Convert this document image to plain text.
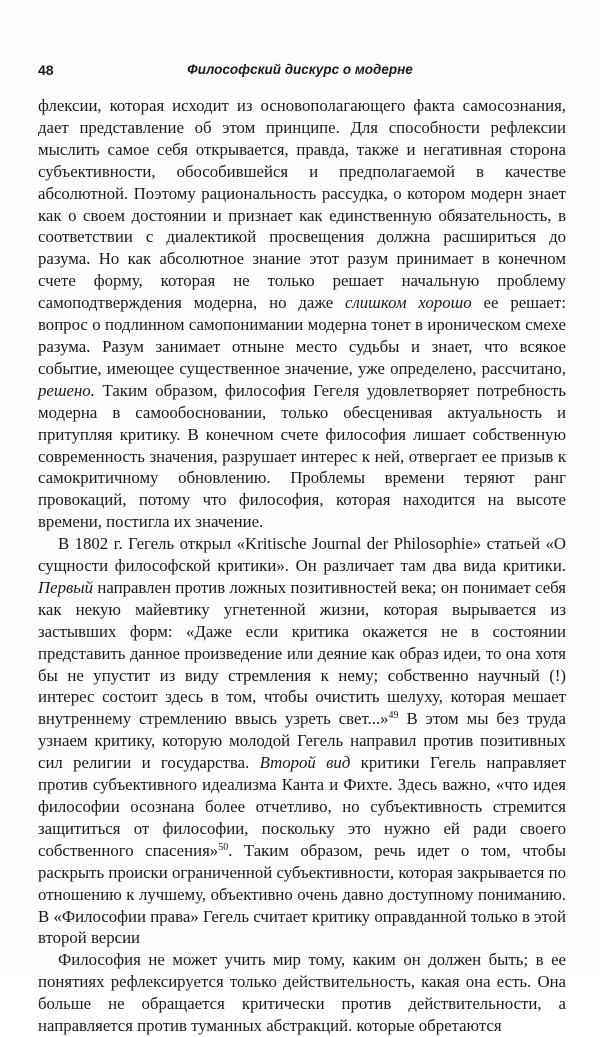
48	Философский дискурс о модерне

флексии, которая исходит из основополагающего факта самосознания, дает представление об этом принципе. Для способности рефлексии мыслить самое себя открывается, правда, также и негативная сторона субъективности, обособившейся и предполагаемой в качестве абсолютной. Поэтому рациональность рассудка, о котором модерн знает как о своем достоянии и признает как единственную обязательность, в соответствии с диалектикой просвещения должна расшириться до разума. Но как абсолютное знание этот разум принимает в конечном счете форму, которая не только решает начальную проблему самоподтверждения модерна, но даже слишком хорошо ее решает: вопрос о подлинном самопонимании модерна тонет в ироническом смехе разума. Разум занимает отныне место судьбы и знает, что всякое событие, имеющее существенное значение, уже определено, рассчитано, решено. Таким образом, философия Гегеля удовлетворяет потребность модерна в самообосновании, только обесценивая актуальность и притупляя критику. В конечном счете философия лишает собственную современность значения, разрушает интерес к ней, отвергает ее призыв к самокритичному обновлению. Проблемы времени теряют ранг провокаций, потому что философия, которая находится на высоте времени, постигла их значение.

В 1802 г. Гегель открыл «Kritische Journal der Philosophie» статьей «О сущности философской критики». Он различает там два вида критики. Первый направлен против ложных позитивностей века; он понимает себя как некую майевтику угнетенной жизни, которая вырывается из застывших форм: «Даже если критика окажется не в состоянии представить данное произведение или деяние как образ идеи, то она хотя бы не упустит из виду стремления к нему; собственно научный (!) интерес состоит здесь в том, чтобы очистить шелуху, которая мешает внутреннему стремлению ввысь узреть свет...»$^{49}$ В этом мы без труда узнаем критику, которую молодой Гегель направил против позитивных сил религии и государства. Второй вид критики Гегель направляет против субъективного идеализма Канта и Фихте. Здесь важно, «что идея философии осознана более отчетливо, но субъективность стремится защититься от философии, поскольку это нужно ей ради своего собственного спасения»$^{50}$. Таким образом, речь идет о том, чтобы раскрыть происки ограниченной субъективности, которая закрывается по отношению к лучшему, объективно очень давно доступному пониманию. В «Философии права» Гегель считает критику оправданной только в этой второй версии

Философия не может учить мир тому, каким он должен быть; в ее понятиях рефлексируется только действительность, какая она есть. Она больше не обращается критически против действительности, а направляется против туманных абстракций. которые обретаются
